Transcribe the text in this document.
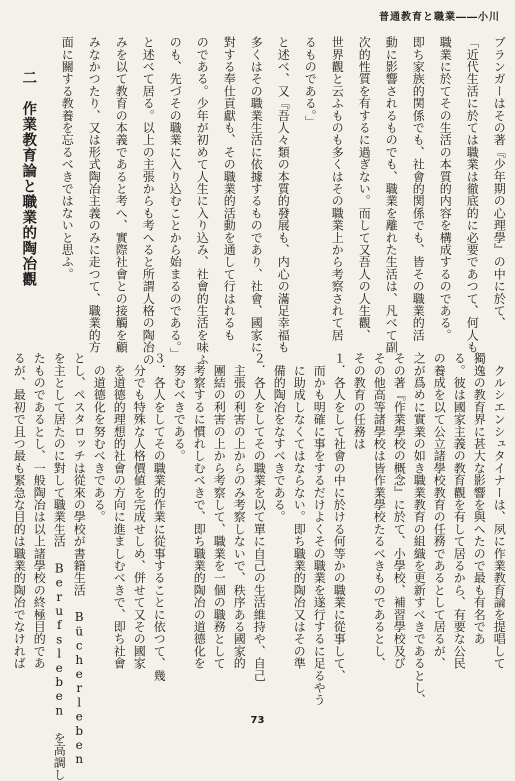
普通教育と職業――小川
ブランガーはその著『少年期の心理學』の中に於て、
「近代生活に於ては職業は徹底的に必要であつて、何人も
職業に於てその生活の本質的内容を構成するのである。
即ち家族的関係でも、社會的関係でも、皆その職業的活
動に影響されるものでも、職業を離れた生活は、凡べて副
次的性質を有するに過ぎない。而して又吾人の人生觀、
世界觀と云ふものも多くはその職業上から考察されて居
るものである。」
と述べ、又『吾人々類の本質的發展も、内心の滿足幸福も
多くはその職業生活に依據するものであり、社會、國家に
對する奉仕貢獻も、その職業的活動を通して行はれるも
のである。少年が初めて人生に入り込み、社會的生活を味ふ
のも、先づその職業に入り込むことから始まるのである。」
と述べて居る。以上の主張からも考へると所謂人格の陶冶の
みを以て教育の本義であると考へ、實際社會との接觸を顧
みなかつたり、又は形式陶冶主義のみに走つて、職業的方
面に關する教養を忘るべきではないと思ふ。
二　作業教育論と職業的陶冶觀
　クルシエンシュタイナーは、夙に作業教育論を提唱して
獨逸の教育界に甚大な影響を與へたので最も有名であ
る。彼は國家主義の教育觀を有して居るから、有要な公民
の養成を以て公立諸學校教育の任務であるとして居るが、
之が爲めに實業の如き職業教育の組織を更新すべきであるとし、
その著『作業學校の概念』に於て、小學校、補習學校及び
その他高等諸學校は皆作業學校たるべきものであるとし、
その教育の任務は
１．各人をして社會の中に於ける何等かの職業に從事して、
　而かも明確に事をするだけよくその職業を遂行するに足るやう
　に助成しなくてはならない。即ち職業的陶冶又はその準
　備的陶冶をなすべきである。
２．各人をしてその職業を以て單に自己の生活維持や、自己
　主張の利害の上からのみ考察しないで、秩序ある國家的
　團結の利害の上から考察して、職業を一個の職務として
　考察するに慣れしむべきで、即ち職業的陶冶の道德化を
　努むべきである。
３．各人をしてその職業的作業に從事することに依つて、幾
　分でも特殊な人格價値を完成せしめ、併せて又その國家
　を道德的理想的社會の方向に進ましむべきで、即ち社會
　の道德化を努むべきである。
とし、ペスタロッチは從來の學校が書籍生活 Bücherleben
を主として居たのに對して職業生活 Berufsleben を高調し
たものであるとし、一般陶冶は以上諸學校の終極目的であ
るが、最初で且つ最も緊急な目的は職業的陶冶でなければ
73
